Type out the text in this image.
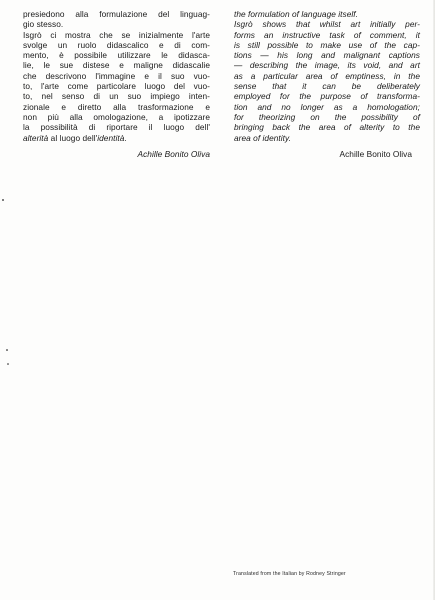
presiedono alla formulazione del linguag-
gio stesso.
Isgrò ci mostra che se inizialmente l'arte
svolge un ruolo didascalico e di com-
mento, è possibile utilizzare le didasca-
lie, le sue distese e maligne didascalie
che descrivono l'immagine e il suo vuo-
to, l'arte come particolare luogo del vuo-
to, nel senso di un suo impiego inten-
zionale e diretto alla trasformazione e
non più alla omologazione, a ipotizzare
la possibilità di riportare il luogo dell'
alterità al luogo dell'identità.

Achille Bonito Oliva

the formulation of language itself.
Isgrò shows that whilst art initially per-
forms an instructive task of comment, it
is still possible to make use of the cap-
tions — his long and malignant captions
— describing the image, its void, and art
as a particular area of emptiness, in the
sense that it can be deliberately
employed for the purpose of transforma-
tion and no longer as a homologation;
for theorizing on the possibility of
bringing back the area of alterity to the
area of identity.

Achille Bonito Oliva
Translated from the Italian by Rodney Stringer
